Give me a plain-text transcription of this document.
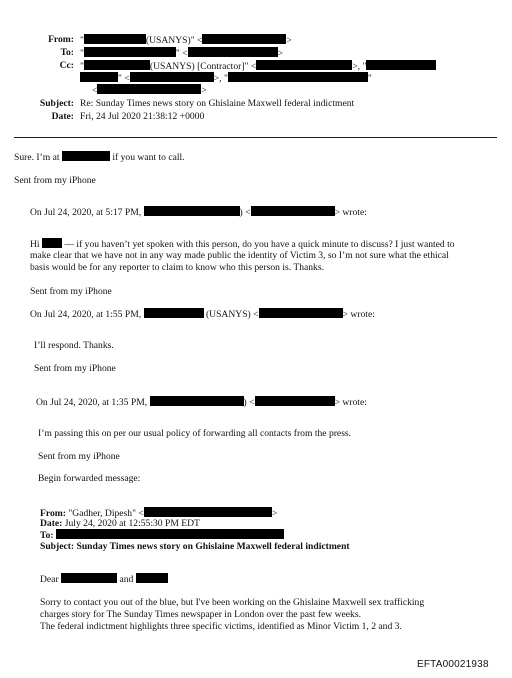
From: "	(USANYS)" <	>
To: "	" <	>
Cc: "	(USANYS) [Contractor]" <	>, "
" <	>, "	"
<	>
Subject: Re: Sunday Times news story on Ghislaine Maxwell federal indictment
Date: Fri, 24 Jul 2020 21:38:12 +0000
Sure. I’m at	if you want to call.
Sent from my iPhone
On Jul 24, 2020, at 5:17 PM,	) <	> wrote:
Hi	— if you haven’t yet spoken with this person, do you have a quick minute to discuss? I just wanted to
make clear that we have not in any way made public the identity of Victim 3, so I’m not sure what the ethical
basis would be for any reporter to claim to know who this person is. Thanks.
Sent from my iPhone
On Jul 24, 2020, at 1:55 PM,	(USANYS) <	> wrote:
I’ll respond. Thanks.
Sent from my iPhone
On Jul 24, 2020, at 1:35 PM,	) <	> wrote:
I’m passing this on per our usual policy of forwarding all contacts from the press.
Sent from my iPhone
Begin forwarded message:
From: "Gadher, Dipesh" <	>
Date: July 24, 2020 at 12:55:30 PM EDT
To:
Subject: Sunday Times news story on Ghislaine Maxwell federal indictment
Dear	and
Sorry to contact you out of the blue, but I've been working on the Ghislaine Maxwell sex trafficking
charges story for The Sunday Times newspaper in London over the past few weeks.
The federal indictment highlights three specific victims, identified as Minor Victim 1, 2 and 3.
EFTA00021938
